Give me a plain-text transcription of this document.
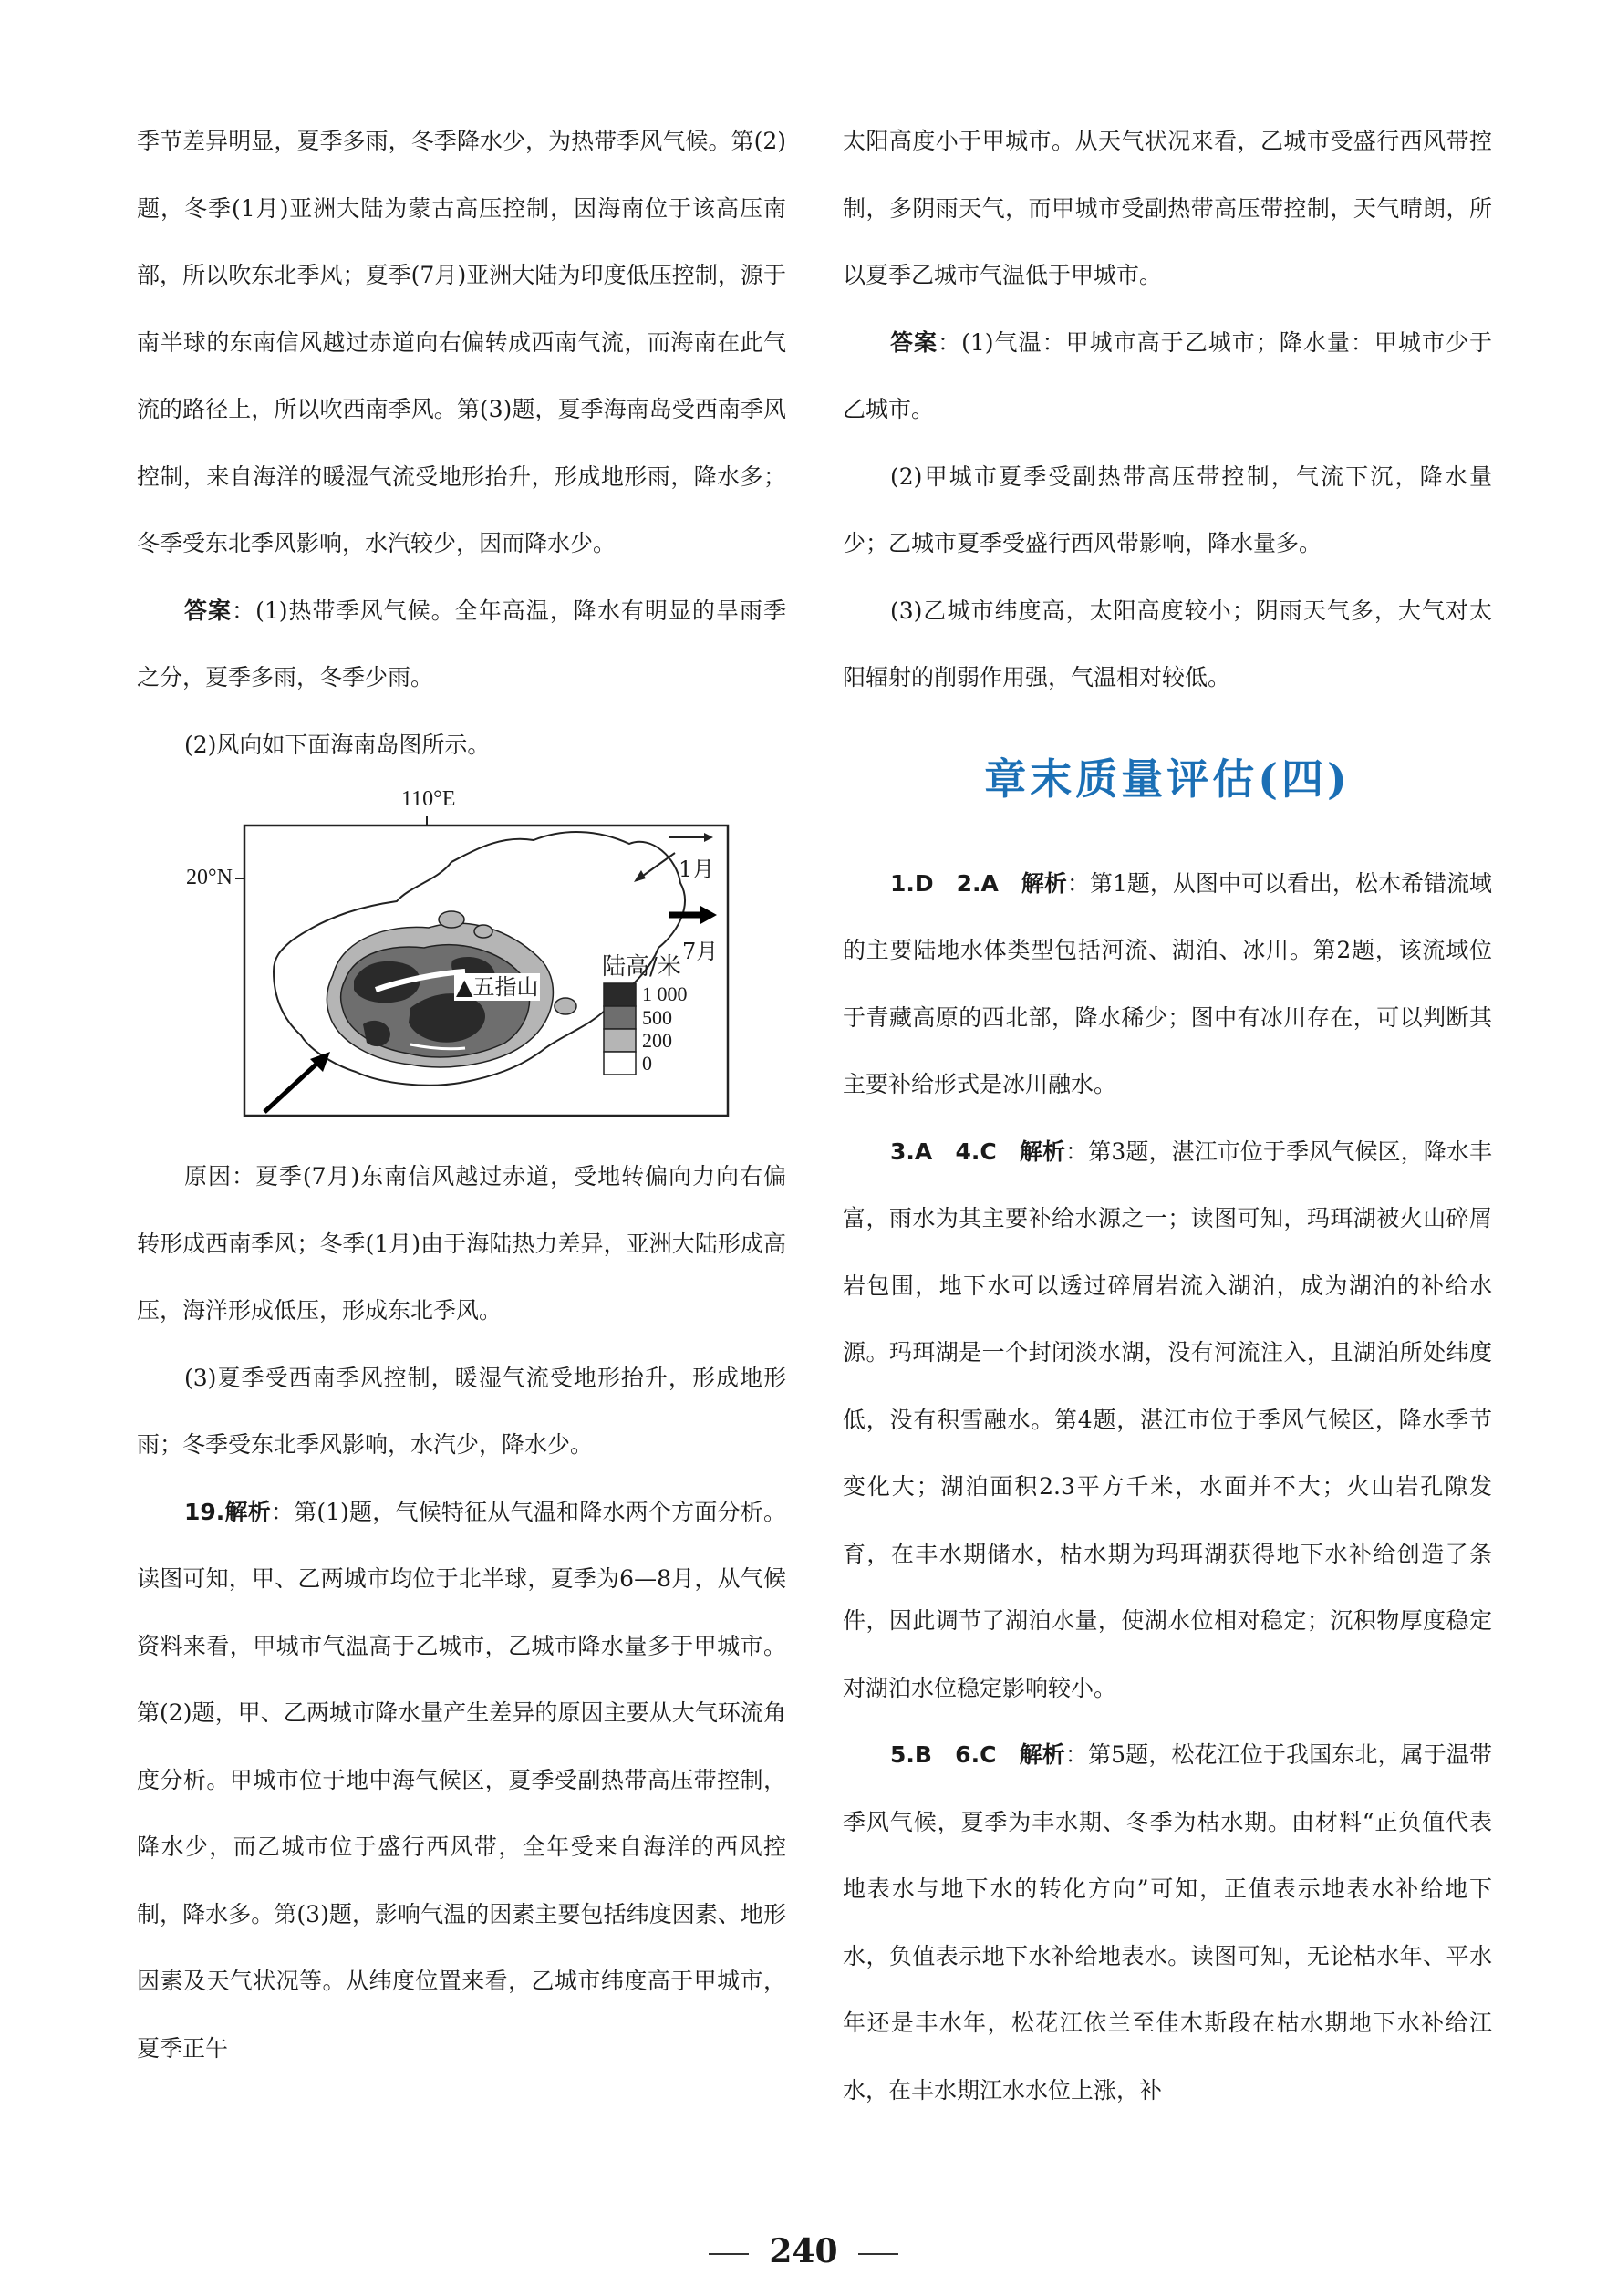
季节差异明显，夏季多雨，冬季降水少，为热带季风气候。第(2)题，冬季(1月)亚洲大陆为蒙古高压控制，因海南位于该高压南部，所以吹东北季风；夏季(7月)亚洲大陆为印度低压控制，源于南半球的东南信风越过赤道向右偏转成西南气流，而海南在此气流的路径上，所以吹西南季风。第(3)题，夏季海南岛受西南季风控制，来自海洋的暖湿气流受地形抬升，形成地形雨，降水多；冬季受东北季风影响，水汽较少，因而降水少。

答案：(1)热带季风气候。全年高温，降水有明显的旱雨季之分，夏季多雨，冬季少雨。

(2)风向如下面海南岛图所示。

110°E
20°N	1月
7月
▲五指山
陆高/米
1 000
500
200
0

原因：夏季(7月)东南信风越过赤道，受地转偏向力向右偏转形成西南季风；冬季(1月)由于海陆热力差异，亚洲大陆形成高压，海洋形成低压，形成东北季风。

(3)夏季受西南季风控制，暖湿气流受地形抬升，形成地形雨；冬季受东北季风影响，水汽少，降水少。

19.解析：第(1)题，气候特征从气温和降水两个方面分析。读图可知，甲、乙两城市均位于北半球，夏季为6—8月，从气候资料来看，甲城市气温高于乙城市，乙城市降水量多于甲城市。第(2)题，甲、乙两城市降水量产生差异的原因主要从大气环流角度分析。甲城市位于地中海气候区，夏季受副热带高压带控制，降水少，而乙城市位于盛行西风带，全年受来自海洋的西风控制，降水多。第(3)题，影响气温的因素主要包括纬度因素、地形因素及天气状况等。从纬度位置来看，乙城市纬度高于甲城市，夏季正午

太阳高度小于甲城市。从天气状况来看，乙城市受盛行西风带控制，多阴雨天气，而甲城市受副热带高压带控制，天气晴朗，所以夏季乙城市气温低于甲城市。

答案：(1)气温：甲城市高于乙城市；降水量：甲城市少于乙城市。

(2)甲城市夏季受副热带高压带控制，气流下沉，降水量少；乙城市夏季受盛行西风带影响，降水量多。

(3)乙城市纬度高，太阳高度较小；阴雨天气多，大气对太阳辐射的削弱作用强，气温相对较低。

章末质量评估(四)

1.D　2.A　解析：第1题，从图中可以看出，松木希错流域的主要陆地水体类型包括河流、湖泊、冰川。第2题，该流域位于青藏高原的西北部，降水稀少；图中有冰川存在，可以判断其主要补给形式是冰川融水。

3.A　4.C　解析：第3题，湛江市位于季风气候区，降水丰富，雨水为其主要补给水源之一；读图可知，玛珥湖被火山碎屑岩包围，地下水可以透过碎屑岩流入湖泊，成为湖泊的补给水源。玛珥湖是一个封闭淡水湖，没有河流注入，且湖泊所处纬度低，没有积雪融水。第4题，湛江市位于季风气候区，降水季节变化大；湖泊面积2.3平方千米，水面并不大；火山岩孔隙发育，在丰水期储水，枯水期为玛珥湖获得地下水补给创造了条件，因此调节了湖泊水量，使湖水位相对稳定；沉积物厚度稳定对湖泊水位稳定影响较小。

5.B　6.C　解析：第5题，松花江位于我国东北，属于温带季风气候，夏季为丰水期、冬季为枯水期。由材料“正负值代表地表水与地下水的转化方向”可知，正值表示地表水补给地下水，负值表示地下水补给地表水。读图可知，无论枯水年、平水年还是丰水年，松花江依兰至佳木斯段在枯水期地下水补给江水，在丰水期江水水位上涨，补

240
